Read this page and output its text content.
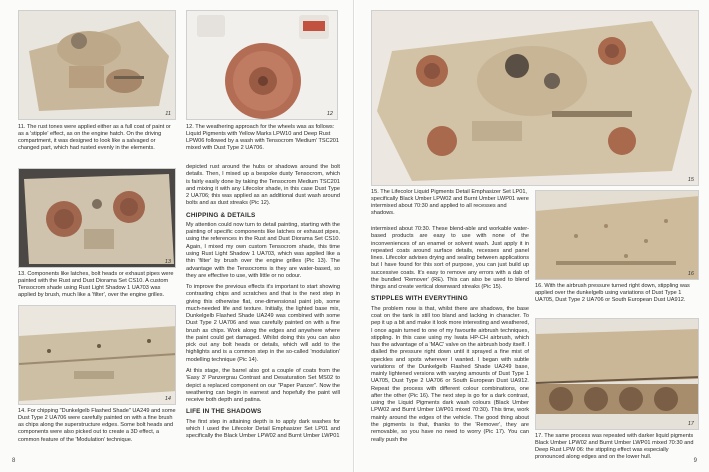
11
11. The rust tones were applied either as a full coat of paint or as a 'stipple' effect, as on the engine hatch. On the driving compartment, it was designed to look like a salvaged or changed part, which had rusted evenly in the elements.
12
12. The weathering approach for the wheels was as follows: Liquid Pigments with Yellow Marks LPW10 and Deep Rust LPW06 followed by a wash with Tensocrom 'Medium' TSC201 mixed with Dust Type 2 UA706.
13
13. Components like latches, bolt heads or exhaust pipes were painted with the Rust and Dust Diorama Set CS10. A custom Tensocrom shade using Rust Light Shadow 1 UA703 was applied by brush, much like a 'filter', over the engine grilles.
14
14. For chipping "Dunkelgelb Flashed Shade" UA249 and some Dust Type 2 UA706 were carefully painted on with a fine brush as chips along the superstructure edges. Some bolt heads and components were also picked out to create a 3D effect, a common feature of the 'Modulation' technique.

depicted rust around the hubs or shadows around the bolt details. Then, I mixed up a bespoke dusty Tensocrom, which is fairly easily done by taking the Tensocrom Medium TSC201 and mixing it with any Lifecolor shade, in this case Dust Type 2 UA706; this was applied as an additional dust wash around bolts and as dust streaks (Pic 12).

CHIPPING & DETAILS

My attention could now turn to detail painting, starting with the painting of specific components like latches or exhaust pipes, using the references in the Rust and Dust Diorama Set CS10. Again, I mixed my own custom Tensocrom shade, this time using Rust Light Shadow 1 UA703, which was applied like a thin 'filter' by brush over the engine grilles (Pic 13). The advantage with the Tensocroms is they are water-based, so they are effective to use, with little or no odour.

To improve the previous effects it's important to start showing contrasting chips and scratches and that is the next step in giving this otherwise flat, one-dimensional paint job, some much-needed life and texture. Initially, the lighted base mix, Dunkelgelb Flashed Shade UA249 was combined with some Dust Type 2 UA706 and was carefully painted on with a fine brush as chips. Work along the edges and anywhere where the paint could get damaged. Whilst doing this you can also pick out any bolt heads or details, which will add to the highlights and is a common step in the so-called 'modulation' modelling technique (Pic 14).

At this stage, the barrel also got a couple of coats from the 'Easy 3' Panzergrau Contrast and Desaturation Set MS02 to depict a replaced component on our "Paper Panzer". Now the weathering can begin in earnest and hopefully the paint will receive both depth and patina.

LIFE IN THE SHADOWS

The first step in attaining depth is to apply dark washes for which I used the Lifecolor Detail Emphasizer Set LP01 and specifically the Black Umber LPW02 and Burnt Umber LWP01

8
15
15. The Lifecolor Liquid Pigments Detail Emphasizer Set LP01, specifically Black Umber LPW02 and Burnt Umber LWP01 were intermixed about 70:30 and applied to all recesses and shadows.

intermixed about 70:30. These blend-able and workable water-based products are easy to use with none of the inconveniences of an enamel or solvent wash. Just apply it in repeated coats around surface details, recesses and panel lines. Lifecolor advises drying and sealing between applications but I have found for this sort of purpose, you can just build up successive coats. It's easy to remove any errors with a dab of the bundled 'Remover' (RE). This can also be used to blend things and create vertical downward streaks (Pic 15).

STIPPLES WITH EVERYTHING

The problem now is that, whilst there are shadows, the base coat on the tank is still too bland and lacking in character. To pep it up a bit and make it look more interesting and weathered, I once again turned to one of my favourite airbrush techniques, stippling. In this case using my Iwata HP-CH airbrush, which has the advantage of a 'MAC' valve on the airbrush body itself. I dialled the pressure right down until it sprayed a fine mist of speckles and spots wherever I wanted. I began with subtle variations of the Dunkelgelb Flashed Shade UA249 base, mainly lightened versions with varying amounts of Dust Type 1 UA705, Dust Type 2 UA706 or South European Dust UA912. Repeat the process with different colour combinations, one after the other (Pic 16). The next step is go for a dark contrast, using the Liquid Pigments dark wash colours (Black Umber LPW02 and Burnt Umber LWP01 mixed 70:30). This time, work mainly around the edges of the vehicle. The good thing about the pigments is that, thanks to the 'Remover', they are removable, so you have no need to worry (Pic 17). You can really push the

16
16. With the airbrush pressure turned right down, stippling was applied over the dunkelgelb using variations of Dust Type 1 UA705, Dust Type 2 UA706 or South European Dust UA912.
17
17. The same process was repeated with darker liquid pigments Black Umber LPW02 and Burnt Umber LWP01 mixed 70:30 and Deep Rust LPW 06: the stippling effect was especially pronounced along edges and on the lower hull.
9
